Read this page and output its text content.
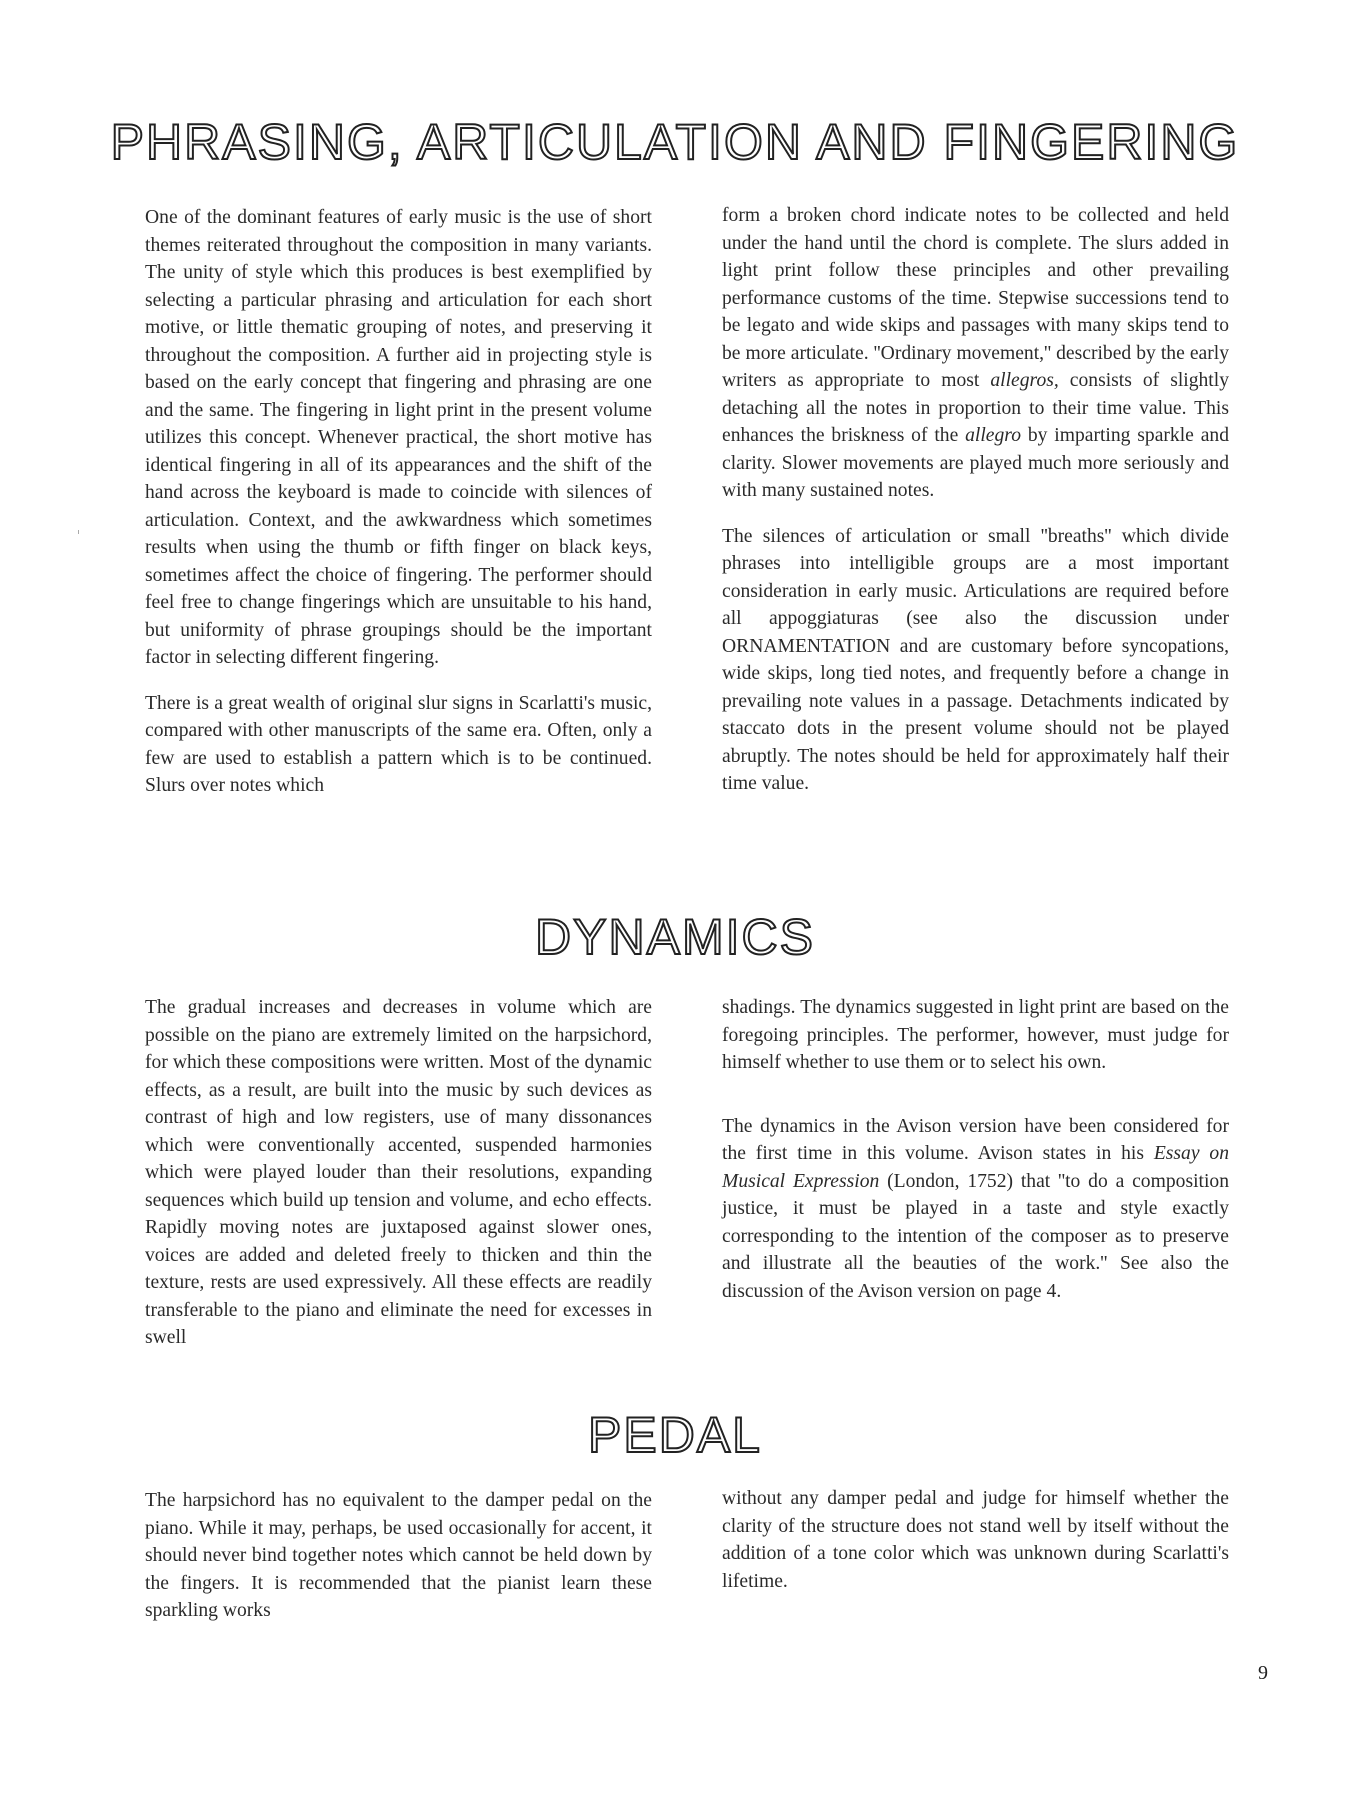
PHRASING, ARTICULATION AND FINGERING

One of the dominant features of early music is the use of short themes reiterated throughout the composition in many variants. The unity of style which this produces is best exemplified by selecting a particular phrasing and articulation for each short motive, or little thematic grouping of notes, and preserving it throughout the composition. A further aid in projecting style is based on the early concept that fingering and phrasing are one and the same. The fingering in light print in the present volume utilizes this concept. Whenever practical, the short motive has identical fingering in all of its appearances and the shift of the hand across the keyboard is made to coincide with silences of articulation. Context, and the awkwardness which sometimes results when using the thumb or fifth finger on black keys, sometimes affect the choice of fingering. The performer should feel free to change fingerings which are unsuitable to his hand, but uniformity of phrase groupings should be the important factor in selecting different fingering.

There is a great wealth of original slur signs in Scarlatti's music, compared with other manuscripts of the same era. Often, only a few are used to establish a pattern which is to be continued. Slurs over notes which

form a broken chord indicate notes to be collected and held under the hand until the chord is complete. The slurs added in light print follow these principles and other prevailing performance customs of the time. Stepwise successions tend to be legato and wide skips and passages with many skips tend to be more articulate. ''Ordinary movement,'' described by the early writers as appropriate to most allegros, consists of slightly detaching all the notes in proportion to their time value. This enhances the briskness of the allegro by imparting sparkle and clarity. Slower movements are played much more seriously and with many sustained notes.

The silences of articulation or small ''breaths'' which divide phrases into intelligible groups are a most important consideration in early music. Articulations are required before all appoggiaturas (see also the discussion under ORNAMENTATION and are customary before syncopations, wide skips, long tied notes, and frequently before a change in prevailing note values in a passage. Detachments indicated by staccato dots in the present volume should not be played abruptly. The notes should be held for approximately half their time value.

DYNAMICS

The gradual increases and decreases in volume which are possible on the piano are extremely limited on the harpsichord, for which these compositions were written. Most of the dynamic effects, as a result, are built into the music by such devices as contrast of high and low registers, use of many dissonances which were conventionally accented, suspended harmonies which were played louder than their resolutions, expanding sequences which build up tension and volume, and echo effects. Rapidly moving notes are juxtaposed against slower ones, voices are added and deleted freely to thicken and thin the texture, rests are used expressively. All these effects are readily transferable to the piano and eliminate the need for excesses in swell

shadings. The dynamics suggested in light print are based on the foregoing principles. The performer, however, must judge for himself whether to use them or to select his own.

The dynamics in the Avison version have been considered for the first time in this volume. Avison states in his Essay on Musical Expression (London, 1752) that ''to do a composition justice, it must be played in a taste and style exactly corresponding to the intention of the composer as to preserve and illustrate all the beauties of the work.'' See also the discussion of the Avison version on page 4.

PEDAL

The harpsichord has no equivalent to the damper pedal on the piano. While it may, perhaps, be used occasionally for accent, it should never bind together notes which cannot be held down by the fingers. It is recommended that the pianist learn these sparkling works

without any damper pedal and judge for himself whether the clarity of the structure does not stand well by itself without the addition of a tone color which was unknown during Scarlatti's lifetime.

9
